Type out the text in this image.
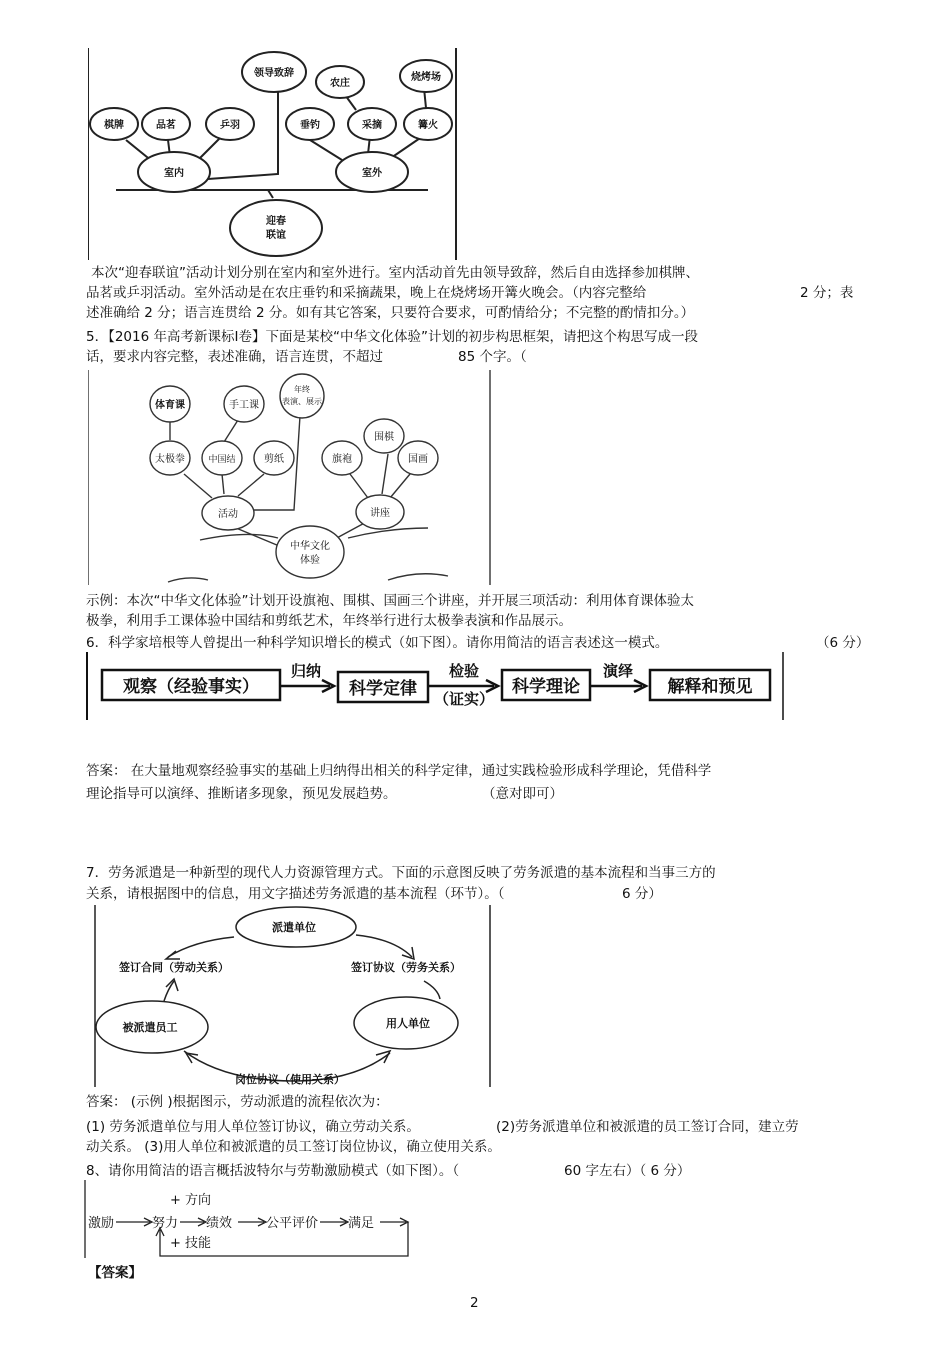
迎春
联谊
室内	室外
领导致辞
棋牌	品茗	乒羽
农庄
烧烤场
垂钓	采摘	篝火
本次“迎春联谊”活动计划分别在室内和室外进行。室内活动首先由领导致辞，然后自由选择参加棋牌、
品茗或乒羽活动。室外活动是在农庄垂钓和采摘蔬果，晚上在烧烤场开篝火晚会。（内容完整给	2 分；表
述准确给 2 分；语言连贯给 2 分。如有其它答案，只要符合要求，可酌情给分；不完整的酌情扣分。）
5．【2016 年高考新课标Ⅰ卷】下面是某校“中华文化体验”计划的初步构思框架，请把这个构思写成一段
话，要求内容完整，表述准确，语言连贯，不超过	85 个字。（
中华文化
体验
活动	讲座
体育课	手工课
年终
表演、展示
太极拳	中国结	剪纸	旗袍
围棋
国画
示例：本次“中华文化体验”计划开设旗袍、围棋、国画三个讲座，并开展三项活动：利用体育课体验太
极拳，利用手工课体验中国结和剪纸艺术，年终举行进行太极拳表演和作品展示。
6．科学家培根等人曾提出一种科学知识增长的模式（如下图）。请你用简洁的语言表述这一模式。	（6 分）
观察（经验事实）	科学定律	科学理论	解释和预见
归纳	检验
（证实）
演绎
答案： 在大量地观察经验事实的基础上归纳得出相关的科学定律，通过实践检验形成科学理论，凭借科学
理论指导可以演绎、推断诸多现象，预见发展趋势。	（意对即可）
7．劳务派遣是一种新型的现代人力资源管理方式。下面的示意图反映了劳务派遣的基本流程和当事三方的
关系，请根据图中的信息，用文字描述劳务派遣的基本流程（环节）。（	6 分）
派遣单位
被派遣员工	用人单位
签订合同（劳动关系）	签订协议（劳务关系）
岗位协议（使用关系）
答案： (示例 )根据图示，劳动派遣的流程依次为：
(1) 劳务派遣单位与用人单位签订协议，确立劳动关系。	(2)劳务派遣单位和被派遣的员工签订合同，建立劳
动关系。 (3)用人单位和被派遣的员工签订岗位协议，确立使用关系。
8、请你用简洁的语言概括波特尔与劳勒激励模式（如下图）。（	60 字左右）（ 6 分）
激励	努力 绩效	公平评价 满足
+ 方向
+ 技能
【答案】
2
